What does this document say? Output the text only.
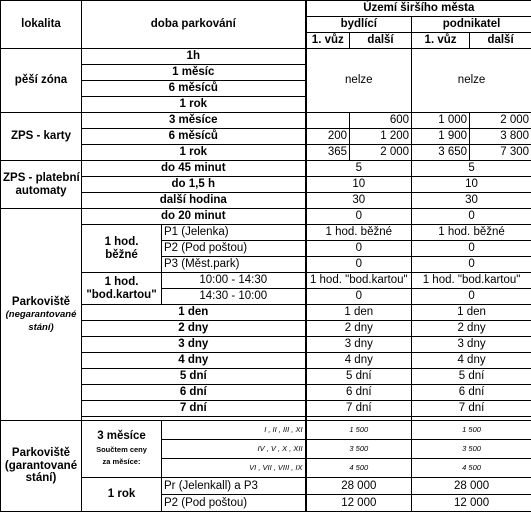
lokalita	doba parkování		Území širšího města			
			bydlící		podnikatel	
			1. vůz	další	1. vůz	další
pěší zóna	1h		nelze		nelze	
	1 měsíc					
	6 měsíců					
	1 rok					
ZPS - karty	3 měsíce			600	1 000	2 000
	6 měsíců		200	1 200	1 900	3 800
	1 rok		365	2 000	3 650	7 300
ZPS - platební
automaty	do 45 minut		5		5	
	do 1,5 h		10		10	
	další hodina		30		30	
Parkoviště
(negarantované
stání)	do 20 minut		0		0	
	1 hod.
běžné	P1 (Jelenka)	1 hod. běžné		1 hod. běžné	
		P2 (Pod poštou)	0		0	
		P3 (Měst.park)	0		0	
	1 hod.
"bod.kartou"	10:00 - 14:30	1 hod. "bod.kartou"		1 hod. "bod.kartou"	
		14:30 - 10:00	0		0	
	1 den		1 den		1 den	
	2 dny		2 dny		2 dny	
	3 dny		3 dny		3 dny	
	4 dny		4 dny		4 dny	
	5 dní		5 dní		5 dní	
	6 dní		6 dní		6 dní	
	7 dní		7 dní		7 dní	

Parkoviště
(garantované
stání)	3 měsíce
Součtem ceny
za měsíce:	I , II , III , XI	1 500		1 500	
		IV , V , X , XII	3 500		3 500	
		VI , VII , VIII , IX	4 500		4 500	
	1 rok	Pr (Jelenkall) a P3	28 000		28 000	
		P2 (Pod poštou)	12 000		12 000	
